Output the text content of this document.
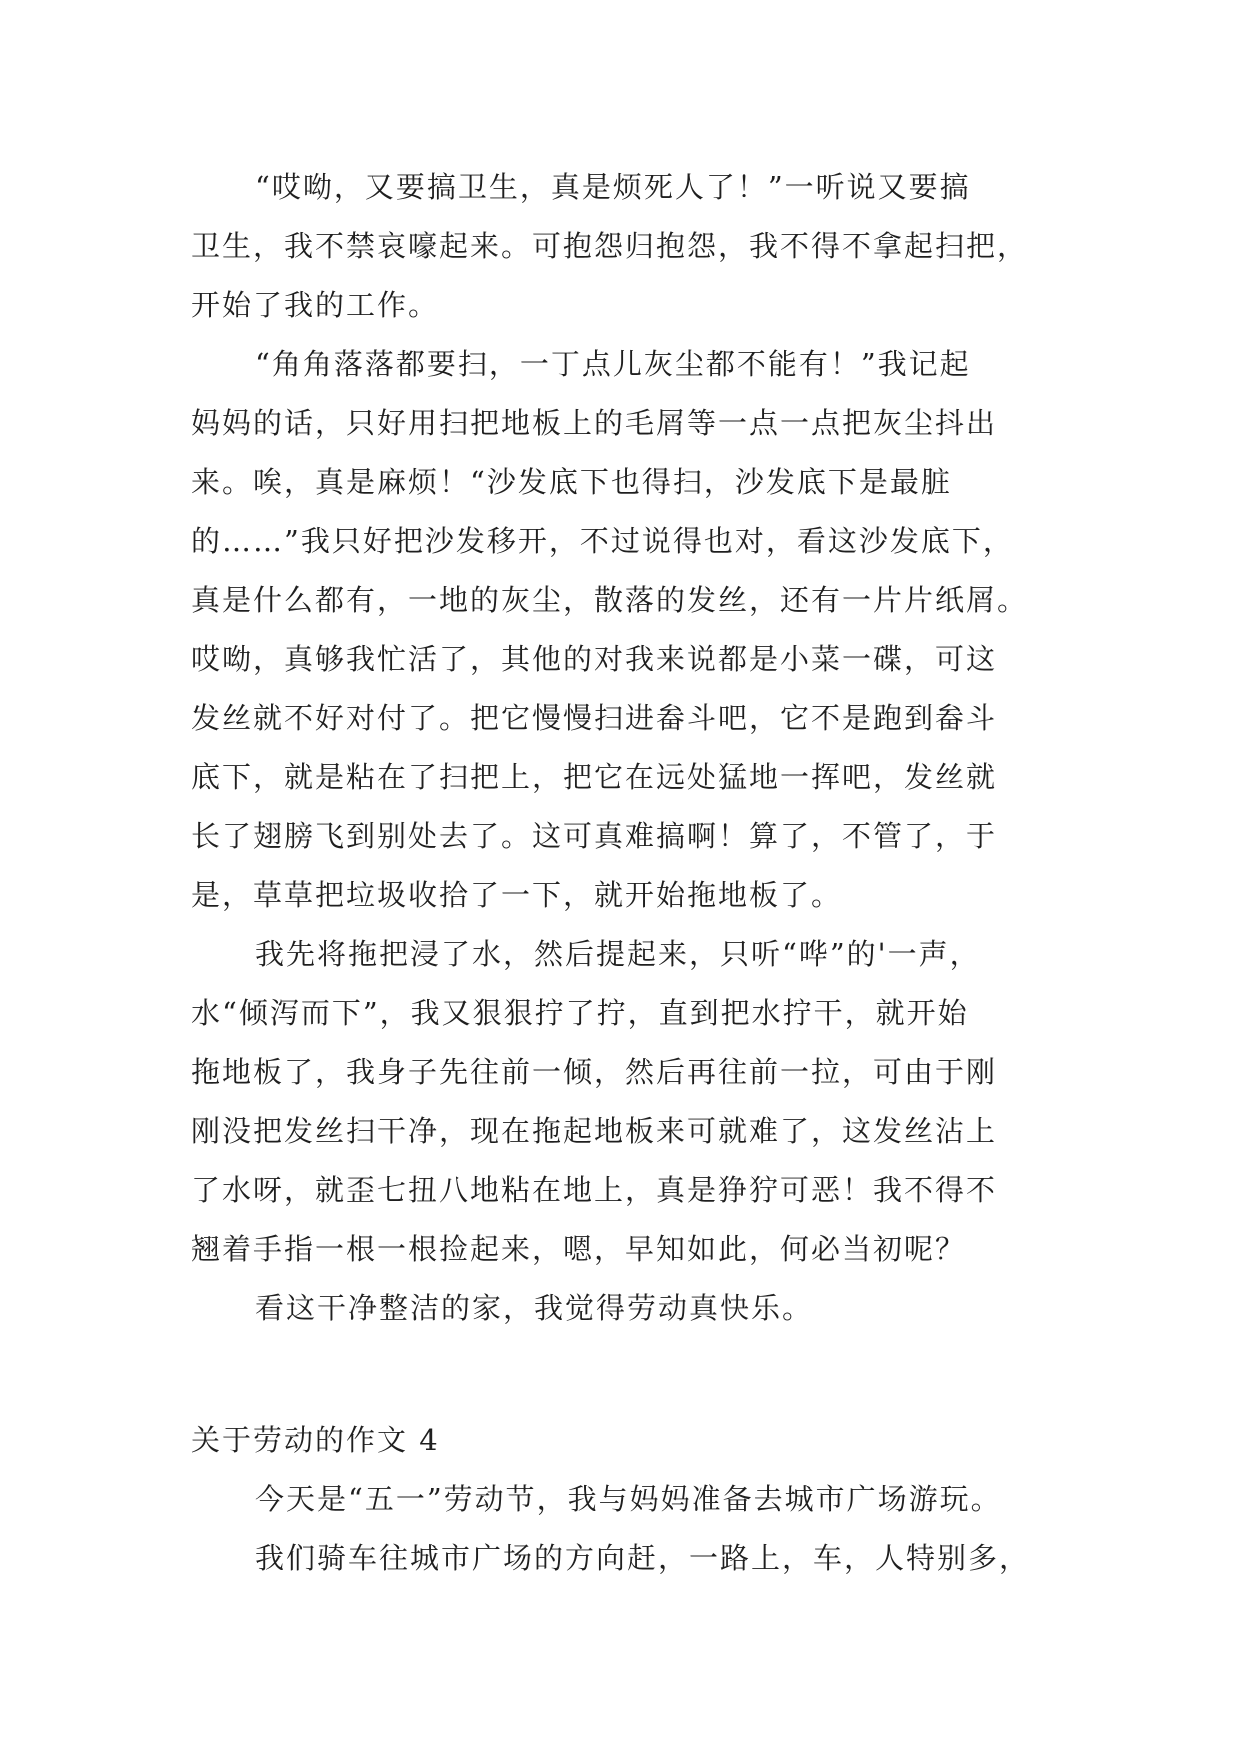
“哎呦，又要搞卫生，真是烦死人了！”一听说又要搞
卫生，我不禁哀嚎起来。可抱怨归抱怨，我不得不拿起扫把，
开始了我的工作。
“角角落落都要扫，一丁点儿灰尘都不能有！”我记起
妈妈的话，只好用扫把地板上的毛屑等一点一点把灰尘抖出
来。唉，真是麻烦！“沙发底下也得扫，沙发底下是最脏
的……”我只好把沙发移开，不过说得也对，看这沙发底下，
真是什么都有，一地的灰尘，散落的发丝，还有一片片纸屑。
哎呦，真够我忙活了，其他的对我来说都是小菜一碟，可这
发丝就不好对付了。把它慢慢扫进畚斗吧，它不是跑到畚斗
底下，就是粘在了扫把上，把它在远处猛地一挥吧，发丝就
长了翅膀飞到别处去了。这可真难搞啊！算了，不管了，于
是，草草把垃圾收拾了一下，就开始拖地板了。
我先将拖把浸了水，然后提起来，只听“哗”的'一声，
水“倾泻而下”，我又狠狠拧了拧，直到把水拧干，就开始
拖地板了，我身子先往前一倾，然后再往前一拉，可由于刚
刚没把发丝扫干净，现在拖起地板来可就难了，这发丝沾上
了水呀，就歪七扭八地粘在地上，真是狰狞可恶！我不得不
翘着手指一根一根捡起来，嗯，早知如此，何必当初呢？
看这干净整洁的家，我觉得劳动真快乐。
关于劳动的作文 4
今天是“五一”劳动节，我与妈妈准备去城市广场游玩。
我们骑车往城市广场的方向赶，一路上，车，人特别多，
